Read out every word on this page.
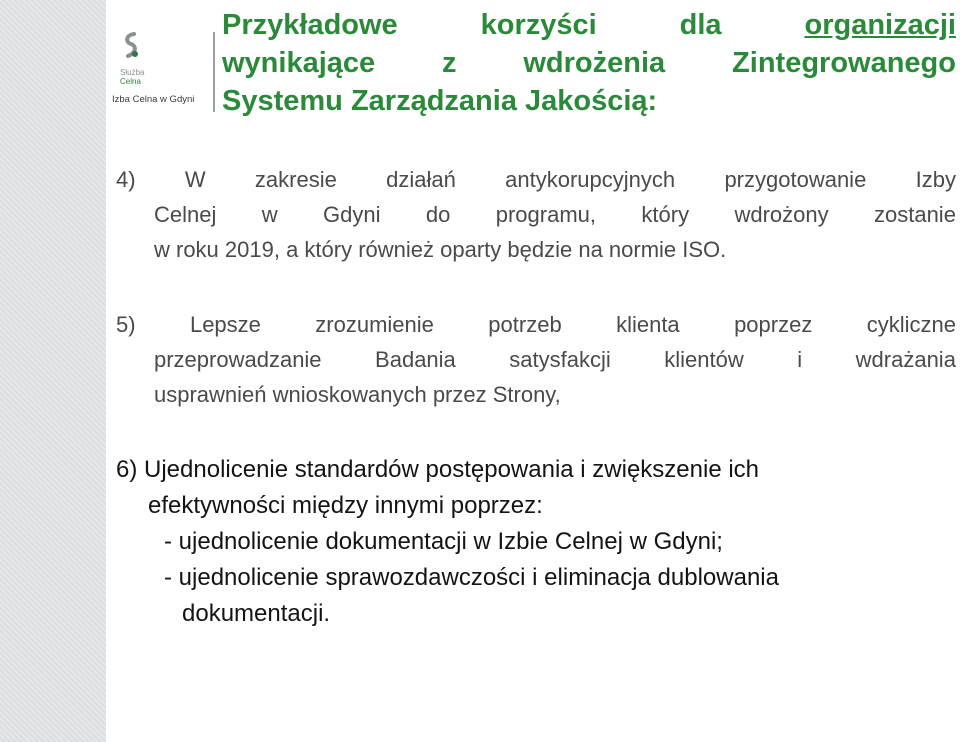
Służba
Celna
Izba Celna w Gdyni
Przykładowe	korzyści	dla	organizacji
wynikające z wdrożenia Zintegrowanego
Systemu Zarządzania Jakością:
4) W zakresie działań antykorupcyjnych przygotowanie Izby
Celnej w Gdyni do programu, który wdrożony zostanie
w roku 2019, a który również oparty będzie na normie ISO.
5) Lepsze zrozumienie potrzeb klienta poprzez cykliczne
przeprowadzanie Badania satysfakcji klientów i wdrażania
usprawnień wnioskowanych przez Strony,
6) Ujednolicenie standardów postępowania i zwiększenie ich
efektywności między innymi poprzez:
- ujednolicenie dokumentacji w Izbie Celnej w Gdyni;
- ujednolicenie sprawozdawczości i eliminacja dublowania
dokumentacji.
